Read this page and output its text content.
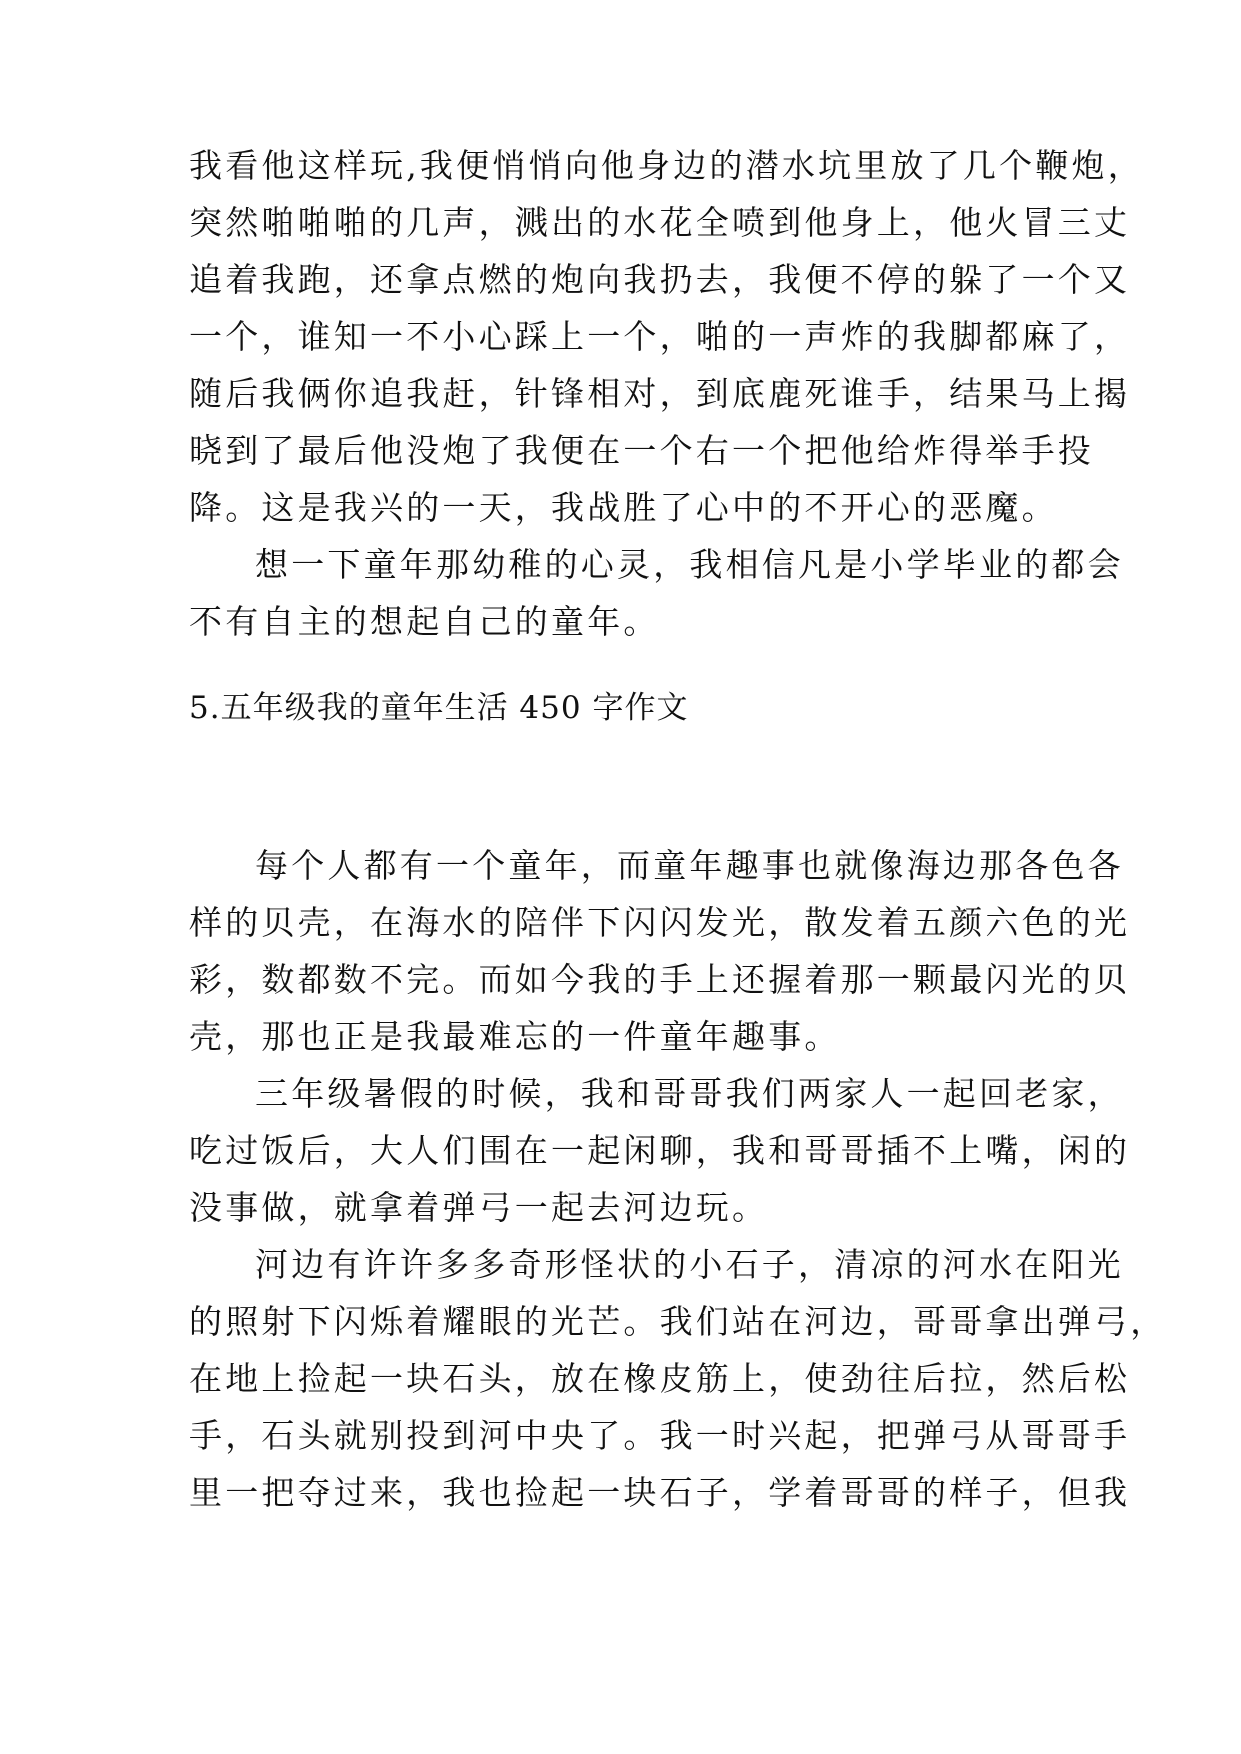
我看他这样玩,我便悄悄向他身边的潜水坑里放了几个鞭炮，
突然啪啪啪的几声，溅出的水花全喷到他身上，他火冒三丈
追着我跑，还拿点燃的炮向我扔去，我便不停的躲了一个又
一个，谁知一不小心踩上一个，啪的一声炸的我脚都麻了，
随后我俩你追我赶，针锋相对，到底鹿死谁手，结果马上揭
晓到了最后他没炮了我便在一个右一个把他给炸得举手投
降。这是我兴的一天，我战胜了心中的不开心的恶魔。
想一下童年那幼稚的心灵，我相信凡是小学毕业的都会
不有自主的想起自己的童年。
5.五年级我的童年生活 450 字作文
每个人都有一个童年，而童年趣事也就像海边那各色各
样的贝壳，在海水的陪伴下闪闪发光，散发着五颜六色的光
彩，数都数不完。而如今我的手上还握着那一颗最闪光的贝
壳，那也正是我最难忘的一件童年趣事。
三年级暑假的时候，我和哥哥我们两家人一起回老家，
吃过饭后，大人们围在一起闲聊，我和哥哥插不上嘴，闲的
没事做，就拿着弹弓一起去河边玩。
河边有许许多多奇形怪状的小石子，清凉的河水在阳光
的照射下闪烁着耀眼的光芒。我们站在河边，哥哥拿出弹弓，
在地上捡起一块石头，放在橡皮筋上，使劲往后拉，然后松
手，石头就别投到河中央了。我一时兴起，把弹弓从哥哥手
里一把夺过来，我也捡起一块石子，学着哥哥的样子，但我
